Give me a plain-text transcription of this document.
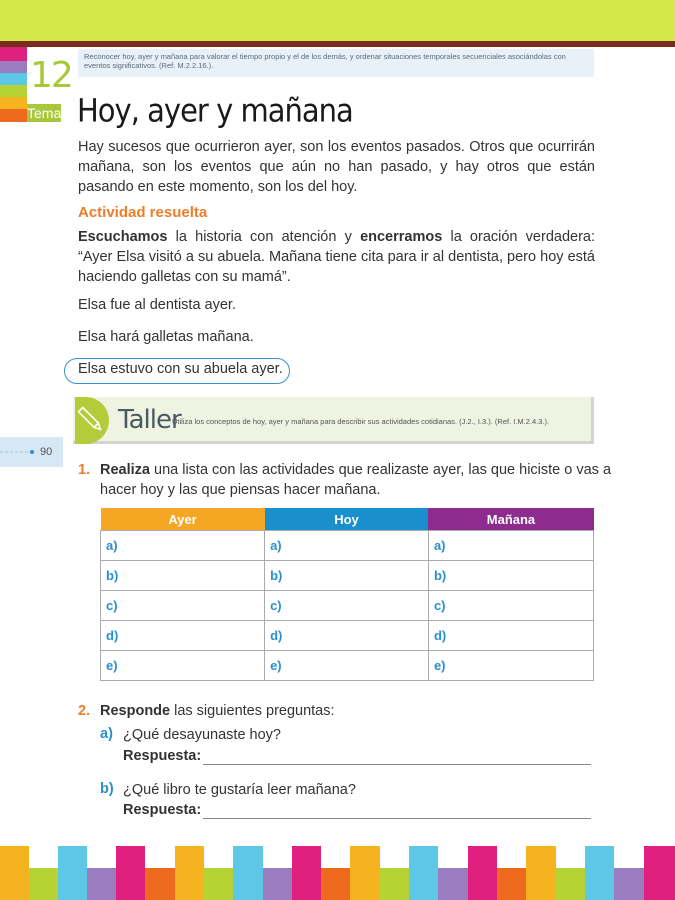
12
Tema
Reconocer hoy, ayer y mañana para valorar el tiempo propio y el de los demás, y ordenar situaciones temporales secuenciales asociándolas con eventos significativos. (Ref. M.2.2.16.).
Hoy, ayer y mañana
Hay sucesos que ocurrieron ayer, son los eventos pasados. Otros que ocurrirán mañana, son los eventos que aún no han pasado, y hay otros que están pasando en este momento, son los del hoy.
Actividad resuelta
Escuchamos la historia con atención y encerramos la oración verdadera: “Ayer Elsa visitó a su abuela. Mañana tiene cita para ir al dentista, pero hoy está haciendo galletas con su mamá”.
Elsa fue al dentista ayer.
Elsa hará galletas mañana.
Elsa estuvo con su abuela ayer.
Taller
Utiliza los conceptos de hoy, ayer y mañana para describir sus actividades cotidianas. (J.2., I.3.). (Ref. I.M.2.4.3.).
90
1. Realiza una lista con las actividades que realizaste ayer, las que hiciste o vas a
hacer hoy y las que piensas hacer mañana.
Ayer	Hoy	Mañana
a)	a)	a)
b)	b)	b)
c)	c)	c)
d)	d)	d)
e)	e)	e)
2. Responde las siguientes preguntas:
a) ¿Qué desayunaste hoy?
Respuesta:
b) ¿Qué libro te gustaría leer mañana?
Respuesta:
